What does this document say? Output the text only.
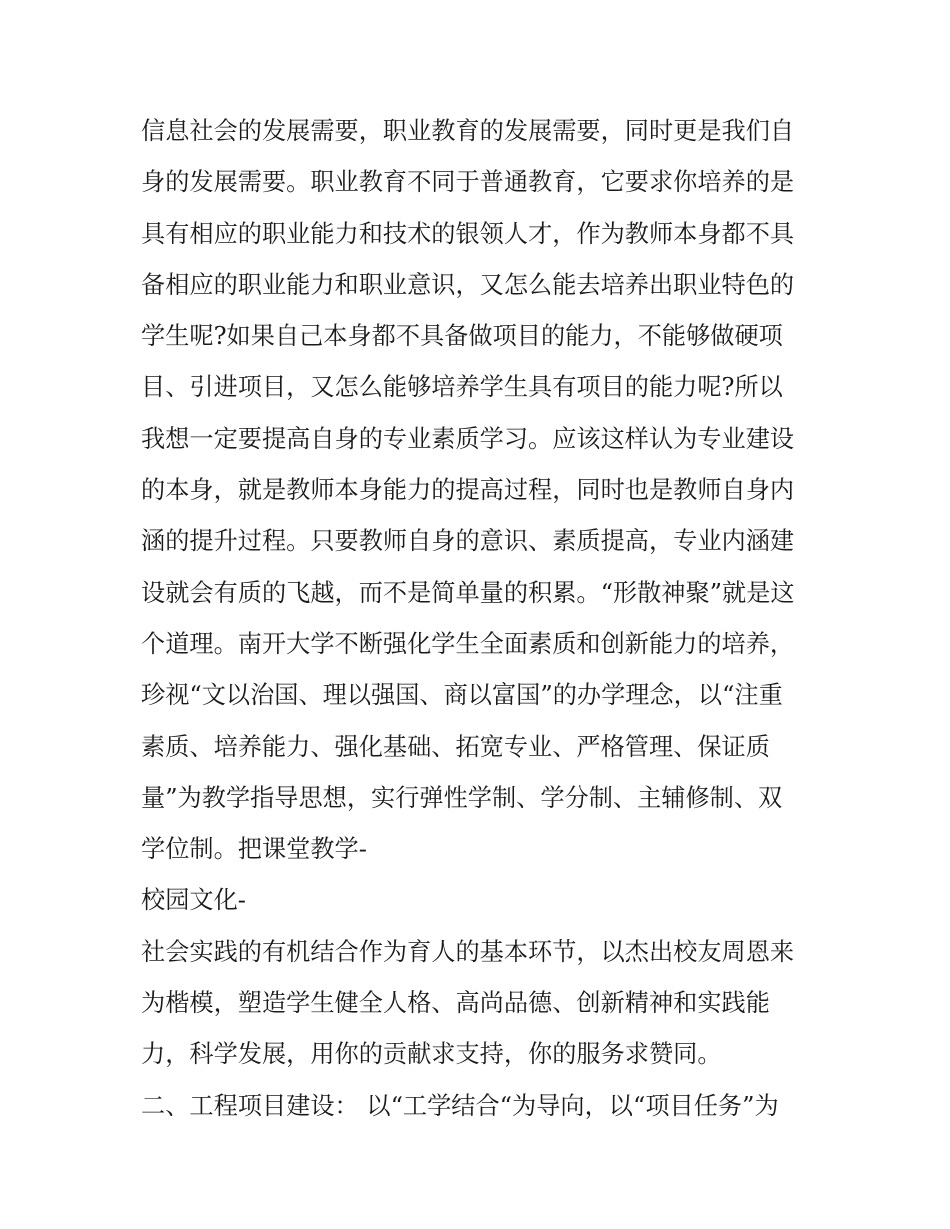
信息社会的发展需要，职业教育的发展需要，同时更是我们自
身的发展需要。职业教育不同于普通教育，它要求你培养的是
具有相应的职业能力和技术的银领人才，作为教师本身都不具
备相应的职业能力和职业意识，又怎么能去培养出职业特色的
学生呢?如果自己本身都不具备做项目的能力，不能够做硬项
目、引进项目，又怎么能够培养学生具有项目的能力呢?所以
我想一定要提高自身的专业素质学习。应该这样认为专业建设
的本身，就是教师本身能力的提高过程，同时也是教师自身内
涵的提升过程。只要教师自身的意识、素质提高，专业内涵建
设就会有质的飞越，而不是简单量的积累。“形散神聚”就是这
个道理。南开大学不断强化学生全面素质和创新能力的培养，
珍视“文以治国、理以强国、商以富国”的办学理念，以“注重
素质、培养能力、强化基础、拓宽专业、严格管理、保证质
量”为教学指导思想，实行弹性学制、学分制、主辅修制、双
学位制。把课堂教学-
校园文化-
社会实践的有机结合作为育人的基本环节，以杰出校友周恩来
为楷模，塑造学生健全人格、高尚品德、创新精神和实践能
力，科学发展，用你的贡献求支持，你的服务求赞同。
二、工程项目建设： 以“工学结合“为导向，以“项目任务”为
